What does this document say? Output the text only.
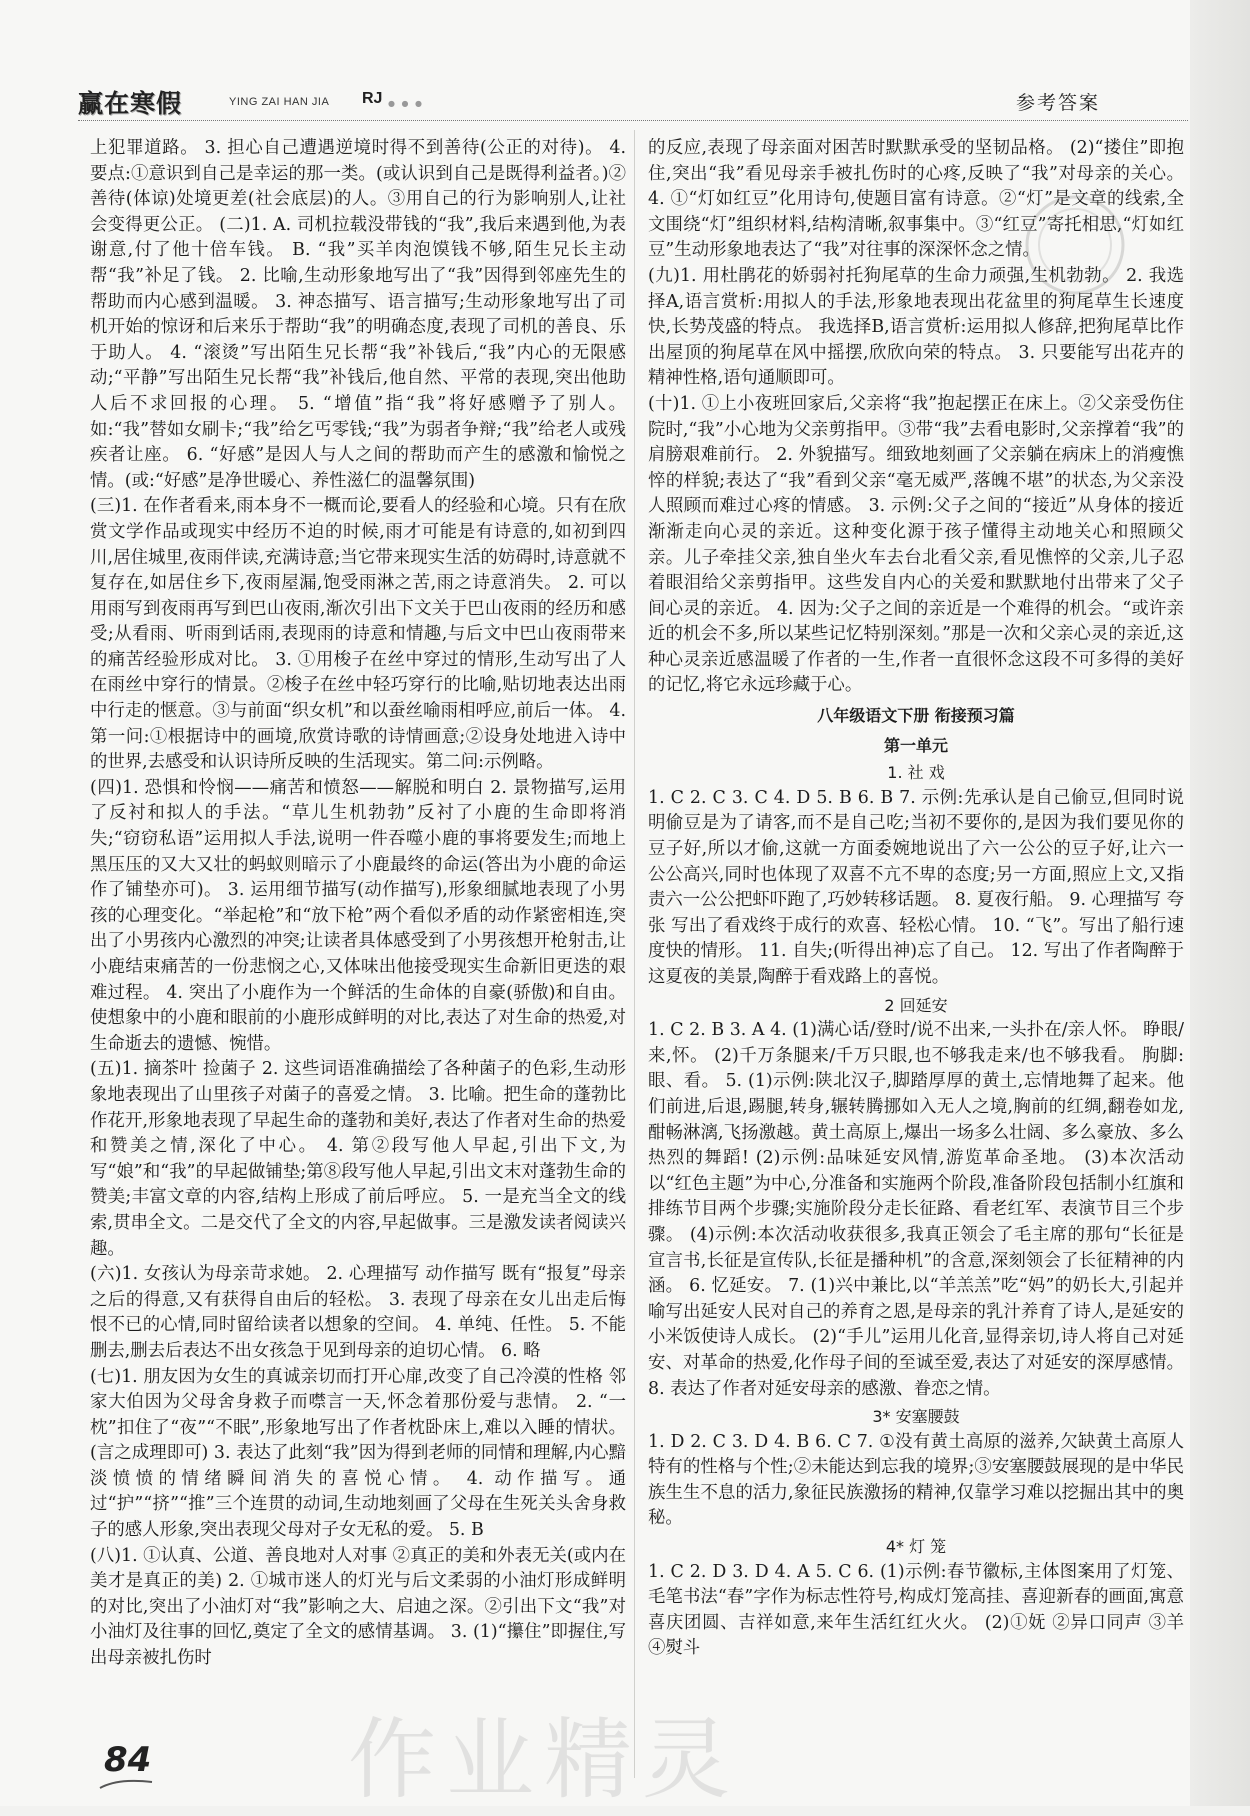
赢在寒假	YING ZAI HAN JIA RJ ● ● ●	参考答案

上犯罪道路。 3. 担心自己遭遇逆境时得不到善待(公正的对待)。 4. 要点:①意识到自己是幸运的那一类。(或认识到自己是既得利益者。)②善待(体谅)处境更差(社会底层)的人。③用自己的行为影响别人,让社会变得更公正。 (二)1. A. 司机拉载没带钱的“我”,我后来遇到他,为表谢意,付了他十倍车钱。 B. “我”买羊肉泡馍钱不够,陌生兄长主动帮“我”补足了钱。 2. 比喻,生动形象地写出了“我”因得到邻座先生的帮助而内心感到温暖。 3. 神态描写、语言描写;生动形象地写出了司机开始的惊讶和后来乐于帮助“我”的明确态度,表现了司机的善良、乐于助人。 4. “滚烫”写出陌生兄长帮“我”补钱后,“我”内心的无限感动;“平静”写出陌生兄长帮“我”补钱后,他自然、平常的表现,突出他助人后不求回报的心理。 5. “增值”指“我”将好感赠予了别人。如:“我”替如女刷卡;“我”给乞丐零钱;“我”为弱者争辩;“我”给老人或残疾者让座。 6. “好感”是因人与人之间的帮助而产生的感激和愉悦之情。(或:“好感”是净世暖心、养性滋仁的温馨氛围)

(三)1. 在作者看来,雨本身不一概而论,要看人的经验和心境。只有在欣赏文学作品或现实中经历不迫的时候,雨才可能是有诗意的,如初到四川,居住城里,夜雨伴读,充满诗意;当它带来现实生活的妨碍时,诗意就不复存在,如居住乡下,夜雨屋漏,饱受雨淋之苦,雨之诗意消失。 2. 可以用雨写到夜雨再写到巴山夜雨,渐次引出下文关于巴山夜雨的经历和感受;从看雨、听雨到话雨,表现雨的诗意和情趣,与后文中巴山夜雨带来的痛苦经验形成对比。 3. ①用梭子在丝中穿过的情形,生动写出了人在雨丝中穿行的情景。②梭子在丝中轻巧穿行的比喻,贴切地表达出雨中行走的惬意。③与前面“织女机”和以蚕丝喻雨相呼应,前后一体。 4. 第一问:①根据诗中的画境,欣赏诗歌的诗情画意;②设身处地进入诗中的世界,去感受和认识诗所反映的生活现实。第二问:示例略。

(四)1. 恐惧和怜悯——痛苦和愤怒——解脱和明白 2. 景物描写,运用了反衬和拟人的手法。“草儿生机勃勃”反衬了小鹿的生命即将消失;“窃窃私语”运用拟人手法,说明一件吞噬小鹿的事将要发生;而地上黑压压的又大又壮的蚂蚁则暗示了小鹿最终的命运(答出为小鹿的命运作了铺垫亦可)。 3. 运用细节描写(动作描写),形象细腻地表现了小男孩的心理变化。“举起枪”和“放下枪”两个看似矛盾的动作紧密相连,突出了小男孩内心激烈的冲突;让读者具体感受到了小男孩想开枪射击,让小鹿结束痛苦的一份悲悯之心,又体味出他接受现实生命新旧更迭的艰难过程。 4. 突出了小鹿作为一个鲜活的生命体的自豪(骄傲)和自由。使想象中的小鹿和眼前的小鹿形成鲜明的对比,表达了对生命的热爱,对生命逝去的遗憾、惋惜。

(五)1. 摘茶叶 捡菌子 2. 这些词语准确描绘了各种菌子的色彩,生动形象地表现出了山里孩子对菌子的喜爱之情。 3. 比喻。把生命的蓬勃比作花开,形象地表现了早起生命的蓬勃和美好,表达了作者对生命的热爱和赞美之情,深化了中心。 4. 第②段写他人早起,引出下文,为写“娘”和“我”的早起做铺垫;第⑧段写他人早起,引出文末对蓬勃生命的赞美;丰富文章的内容,结构上形成了前后呼应。 5. 一是充当全文的线索,贯串全文。二是交代了全文的内容,早起做事。三是激发读者阅读兴趣。

(六)1. 女孩认为母亲苛求她。 2. 心理描写 动作描写 既有“报复”母亲之后的得意,又有获得自由后的轻松。 3. 表现了母亲在女儿出走后悔恨不已的心情,同时留给读者以想象的空间。 4. 单纯、任性。 5. 不能删去,删去后表达不出女孩急于见到母亲的迫切心情。 6. 略

(七)1. 朋友因为女生的真诚亲切而打开心扉,改变了自己冷漠的性格 邻家大伯因为父母舍身救子而噤言一天,怀念着那份爱与悲情。 2. “一枕”扣住了“夜”“不眠”,形象地写出了作者枕卧床上,难以入睡的情状。(言之成理即可) 3. 表达了此刻“我”因为得到老师的同情和理解,内心黯淡愤愤的情绪瞬间消失的喜悦心情。 4. 动作描写。通过“护”“挤”“推”三个连贯的动词,生动地刻画了父母在生死关头舍身救子的感人形象,突出表现父母对子女无私的爱。 5. B

(八)1. ①认真、公道、善良地对人对事 ②真正的美和外表无关(或内在美才是真正的美) 2. ①城市迷人的灯光与后文柔弱的小油灯形成鲜明的对比,突出了小油灯对“我”影响之大、启迪之深。②引出下文“我”对小油灯及往事的回忆,奠定了全文的感情基调。 3. (1)“攥住”即握住,写出母亲被扎伤时

的反应,表现了母亲面对困苦时默默承受的坚韧品格。 (2)“搂住”即抱住,突出“我”看见母亲手被扎伤时的心疼,反映了“我”对母亲的关心。 4. ①“灯如红豆”化用诗句,使题目富有诗意。②“灯”是文章的线索,全文围绕“灯”组织材料,结构清晰,叙事集中。③“红豆”寄托相思,“灯如红豆”生动形象地表达了“我”对往事的深深怀念之情。

(九)1. 用杜鹃花的娇弱衬托狗尾草的生命力顽强,生机勃勃。 2. 我选择A,语言赏析:用拟人的手法,形象地表现出花盆里的狗尾草生长速度快,长势茂盛的特点。 我选择B,语言赏析:运用拟人修辞,把狗尾草比作出屋顶的狗尾草在风中摇摆,欣欣向荣的特点。 3. 只要能写出花卉的精神性格,语句通顺即可。

(十)1. ①上小夜班回家后,父亲将“我”抱起摆正在床上。②父亲受伤住院时,“我”小心地为父亲剪指甲。③带“我”去看电影时,父亲撑着“我”的肩膀艰难前行。 2. 外貌描写。细致地刻画了父亲躺在病床上的消瘦憔悴的样貌;表达了“我”看到父亲“毫无威严,落魄不堪”的状态,为父亲没人照顾而难过心疼的情感。 3. 示例:父子之间的“接近”从身体的接近渐渐走向心灵的亲近。这种变化源于孩子懂得主动地关心和照顾父亲。儿子牵挂父亲,独自坐火车去台北看父亲,看见憔悴的父亲,儿子忍着眼泪给父亲剪指甲。这些发自内心的关爱和默默地付出带来了父子间心灵的亲近。 4. 因为:父子之间的亲近是一个难得的机会。“或许亲近的机会不多,所以某些记忆特别深刻。”那是一次和父亲心灵的亲近,这种心灵亲近感温暖了作者的一生,作者一直很怀念这段不可多得的美好的记忆,将它永远珍藏于心。

八年级语文下册 衔接预习篇
第一单元
1. 社 戏

1. C 2. C 3. C 4. D 5. B 6. B 7. 示例:先承认是自己偷豆,但同时说明偷豆是为了请客,而不是自己吃;当初不要你的,是因为我们要见你的豆子好,所以才偷,这就一方面委婉地说出了六一公公的豆子好,让六一公公高兴,同时也体现了双喜不亢不卑的态度;另一方面,照应上文,又指责六一公公把虾吓跑了,巧妙转移话题。 8. 夏夜行船。 9. 心理描写 夸张 写出了看戏终于成行的欢喜、轻松心情。 10. “飞”。写出了船行速度快的情形。 11. 自失;(听得出神)忘了自己。 12. 写出了作者陶醉于这夏夜的美景,陶醉于看戏路上的喜悦。

2 回延安

1. C 2. B 3. A 4. (1)满心话/登时/说不出来,一头扑在/亲人怀。 睁眼/来,怀。 (2)千万条腿来/千万只眼,也不够我走来/也不够我看。 朐脚:眼、看。 5. (1)示例:陕北汉子,脚踏厚厚的黄土,忘情地舞了起来。他们前进,后退,踢腿,转身,辗转腾挪如入无人之境,胸前的红绸,翻卷如龙,酣畅淋漓,飞扬激越。黄土高原上,爆出一场多么壮阔、多么豪放、多么热烈的舞蹈! (2)示例:品味延安风情,游览革命圣地。 (3)本次活动以“红色主题”为中心,分准备和实施两个阶段,准备阶段包括制小红旗和排练节目两个步骤;实施阶段分走长征路、看老红军、表演节目三个步骤。 (4)示例:本次活动收获很多,我真正领会了毛主席的那句“长征是宣言书,长征是宣传队,长征是播种机”的含意,深刻领会了长征精神的内涵。 6. 忆延安。 7. (1)兴中兼比,以“羊羔羔”吃“妈”的奶长大,引起并喻写出延安人民对自己的养育之恩,是母亲的乳汁养育了诗人,是延安的小米饭使诗人成长。 (2)“手儿”运用儿化音,显得亲切,诗人将自己对延安、对革命的热爱,化作母子间的至诚至爱,表达了对延安的深厚感情。 8. 表达了作者对延安母亲的感激、眷恋之情。

3* 安塞腰鼓

1. D 2. C 3. D 4. B 6. C 7. ①没有黄土高原的滋养,欠缺黄土高原人特有的性格与个性;②未能达到忘我的境界;③安塞腰鼓展现的是中华民族生生不息的活力,象征民族激扬的精神,仅靠学习难以挖掘出其中的奥秘。

4* 灯 笼

1. C 2. D 3. D 4. A 5. C 6. (1)示例:春节徽标,主体图案用了灯笼、毛笔书法“春”字作为标志性符号,构成灯笼高挂、喜迎新春的画面,寓意喜庆团圆、吉祥如意,来年生活红红火火。 (2)①妩 ②异口同声 ③羊 ④熨斗

作业精灵
84
